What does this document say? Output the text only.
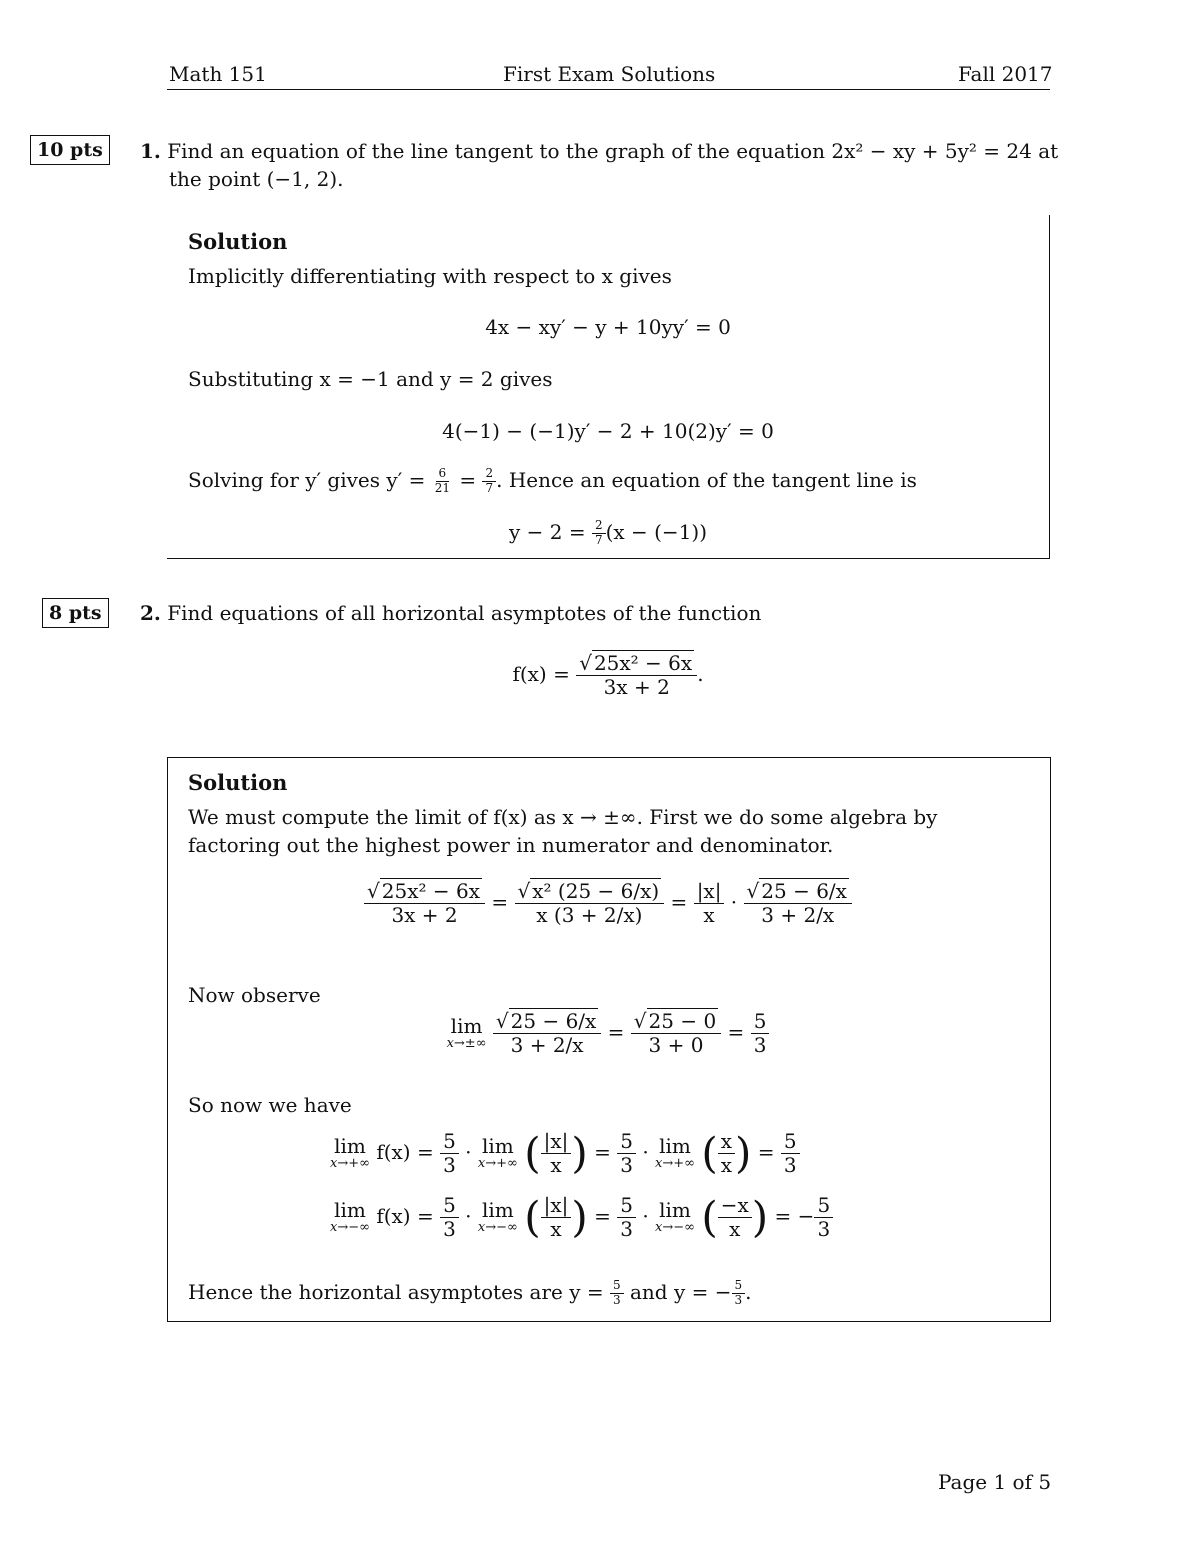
Math 151	First Exam Solutions	Fall 2017
10 pts	1. Find an equation of the line tangent to the graph of the equation 2x² − xy + 5y² = 24 at
the point (−1, 2).
Solution
Implicitly differentiating with respect to x gives
4x − xy′ − y + 10yy′ = 0
Substituting x = −1 and y = 2 gives
4(−1) − (−1)y′ − 2 + 10(2)y′ = 0
Solving for y′ gives $y' = \frac{6}{21} = \frac{2}{7}$ . Hence an equation of the tangent line is
$y - 2 = \frac{2}{7} (x - (-1))$
8 pts	2. Find equations of all horizontal asymptotes of the function
$f(x) = \frac{\text{√ 25x² − 6x}}{3x + 2}$ .
Solution
We must compute the limit of f(x) as x → ±∞. First we do some algebra by
factoring out the highest power in numerator and denominator.
$\frac{\text{√ 25x² − 6x}}{3x + 2} = \frac{\text{√ x² (25 − 6/x)}}{x (3 + 2/x)} = \frac{|x|}{x} \cdot \frac{√ 25 - 6/x}{3 + 2/x}$
Now observe
lim
x→±∞
$\frac{√ 25 - 6/x}{3 + 2/x} = \frac{√ 25 - 0}{3 + 0} = \frac{5}{3}$
So now we have
lim
x→+∞ $f(x) = \frac{5}{3} \cdot \lim$
x→+∞ ( $\frac{|x|}{x}$ ) = $\frac{5}{3} \cdot \lim$
x→+∞ ( $\frac{x}{x}$ ) = $\frac{5}{3}$
lim
x→−∞ $f(x) = \frac{5}{3} \cdot \lim$
x→−∞ ( $\frac{|x|}{x}$ ) = $\frac{5}{3} \cdot \lim$
x→−∞ ( $\frac{-x}{x}$ ) = − $\frac{5}{3}$
Hence the horizontal asymptotes are $y = \frac{5}{3}$ and y = − $\frac{5}{3}$ .
Page 1 of 5
